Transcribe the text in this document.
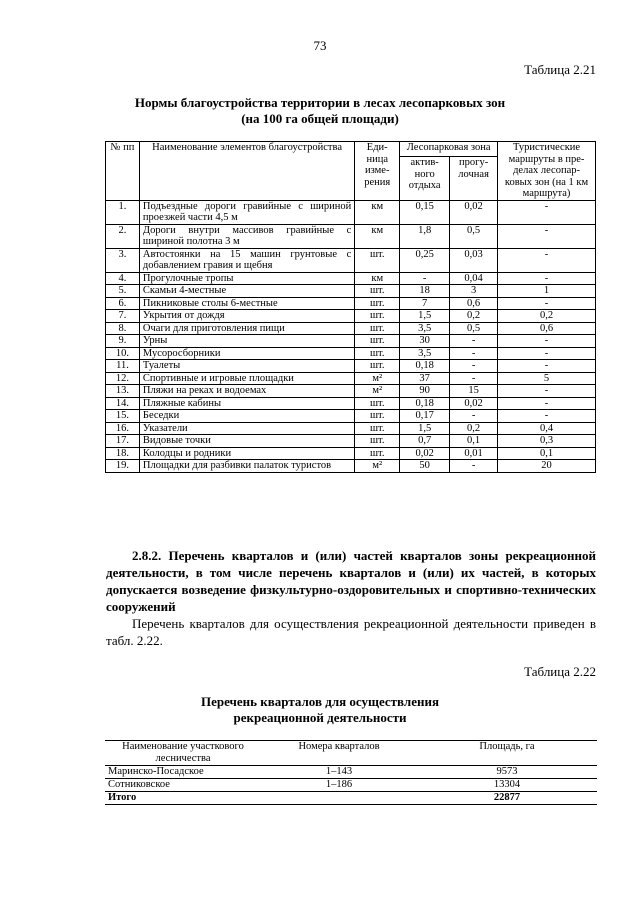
73
Таблица 2.21
Нормы благоустройства территории в лесах лесопарковых зон
(на 100 га общей площади)
№ пп	Наименование элементов благоустройства	Еди-ница изме-рения	Лесопарковая зона		Туристические маршруты в пре-делах лесопар-ковых зон (на 1 км маршрута)
			актив-ного отдыха	прогу-лочная	
1.	Подъездные дороги гравийные с шириной проезжей части 4,5 м	км	0,15	0,02	-
2.	Дороги внутри массивов гравийные с шириной полотна 3 м	км	1,8	0,5	-
3.	Автостоянки на 15 машин грунтовые с добавлением гравия и щебня	шт.	0,25	0,03	-
4.	Прогулочные тропы	км	-	0,04	-
5.	Скамьи 4-местные	шт.	18	3	1
6.	Пикниковые столы 6-местные	шт.	7	0,6	-
7.	Укрытия от дождя	шт.	1,5	0,2	0,2
8.	Очаги для приготовления пищи	шт.	3,5	0,5	0,6
9.	Урны	шт.	30	-	-
10.	Мусоросборники	шт.	3,5	-	-
11.	Туалеты	шт.	0,18	-	-
12.	Спортивные и игровые площадки	м²	37	-	5
13.	Пляжи на реках и водоемах	м²	90	15	-
14.	Пляжные кабины	шт.	0,18	0,02	-
15.	Беседки	шт.	0,17	-	-
16.	Указатели	шт.	1,5	0,2	0,4
17.	Видовые точки	шт.	0,7	0,1	0,3
18.	Колодцы и родники	шт.	0,02	0,01	0,1
19.	Площадки для разбивки палаток туристов	м²	50	-	20
2.8.2. Перечень кварталов и (или) частей кварталов зоны рекреационной деятельности, в том числе перечень кварталов и (или) их частей, в которых допускается возведение физкультурно-оздоровительных и спортивно-технических сооружений
Перечень кварталов для осуществления рекреационной деятельности приведен в табл. 2.22.
Таблица 2.22
Перечень кварталов для осуществления
рекреационной деятельности
Наименование участкового лесничества	Номера кварталов	Площадь, га
Маринско-Посадское	1–143	9573
Сотниковское	1–186	13304
Итого		22877
